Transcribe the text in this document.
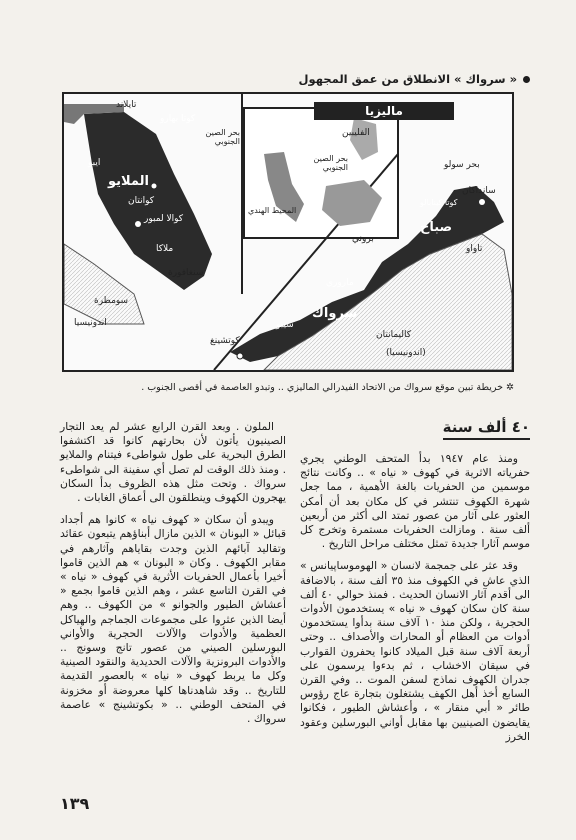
« سرواك » الانطلاق من عمق المجهول
ماليزيا
تايلاند
كوتا بهارو
بحر الصين الجنوبي
ايبو
الملايو
كوانتان
كوالا لمبور
ملاكا
سنغافورة
سومطرة
اندونيسيا
الفليبين
بحر الصين الجنوبي
المحيط الهندي
بحر سولو
سانداكان
كوتا كينابالو
صباح
تاواو
بروني
ماروري
سرواك
سيبو
كوتشينغ
كاليمانتان
(اندونيسيا)
✲خريطة تبين موقع سرواك من الاتحاد الفيدرالي الماليزي .. وتبدو العاصمة في أقصى الجنوب .
٤٠ ألف سنة

ومنذ عام ١٩٤٧ بدأ المتحف الوطني يجري حفرياته الاثرية في كهوف « نياه » .. وكانت نتائج موسمين من الحفريات بالغة الأهمية ، مما جعل شهرة الكهوف تنتشر في كل مكان بعد أن أمكن العثور على آثار من عصور تمتد الى أكثر من أربعين ألف سنة . ومازالت الحفريات مستمرة وتخرج كل موسم آثارا جديدة تمثل مختلف مراحل التاريخ .

وقد عثر على جمجمة لانسان « الهوموساپيانس » الذي عاش في الكهوف منذ ٣٥ ألف سنة ، بالاضافة الى أقدم آثار الانسان الحديث . فمنذ حوالي ٤٠ ألف سنة كان سكان كهوف « نياه » يستخدمون الأدوات الحجرية ، ولكن منذ ١٠ آلاف سنة بدأوا يستخدمون أدوات من العظام أو المحارات والأصداف .. وحتى أربعة آلاف سنة قبل الميلاد كانوا يحفرون القوارب في سيقان الاخشاب ، ثم بدءوا يرسمون على جدران الكهوف نماذج لسفن الموت .. وفي القرن السابع أخذ أهل الكهف يشتغلون بتجارة عاج رؤوس طائر « أبي منقار » ، وأعشاش الطيور ، فكانوا يقايضون الصينيين بها مقابل أواني البورسلين وعقود الخرز

الملون . وبعد القرن الرابع عشر لم يعد التجار الصينيون يأتون لأن بحارتهم كانوا قد اكتشفوا الطرق البحرية على طول شواطىء فيتنام والملايو . ومنذ ذلك الوقت لم تصل أي سفينة الى شواطىء سرواك . وتحت مثل هذه الظروف بدأ السكان يهجرون الكهوف وينطلقون الى أعماق الغابات .

ويبدو أن سكان « كهوف نياه » كانوا هم أجداد قبائل « البونان » الذين مازال أبناؤهم يتبعون عقائد وتقاليد آبائهم الذين وجدت بقاياهم وآثارهم في مقابر الكهوف . وكان « البونان » هم الذين قاموا أخيرا بأعمال الحفريات الأثرية في كهوف « نياه » في القرن التاسع عشر ، وهم الذين قاموا بجمع « أعشاش الطيور والجوانو » من الكهوف .. وهم أيضا الذين عثروا على مجموعات الجماجم والهياكل العظمية والأدوات والآلات الحجرية والأواني البورسلين الصيني من عصور تانج وسونج .. والأدوات البرونزية والآلات الحديدية والنقود الصينية وكل ما يربط كهوف « نياه » بالعصور القديمة للتاريخ .. وقد شاهدناها كلها معروضة أو مخزونة في المتحف الوطني .. « بكوتشينج » عاصمة سرواك .

١٣٩
